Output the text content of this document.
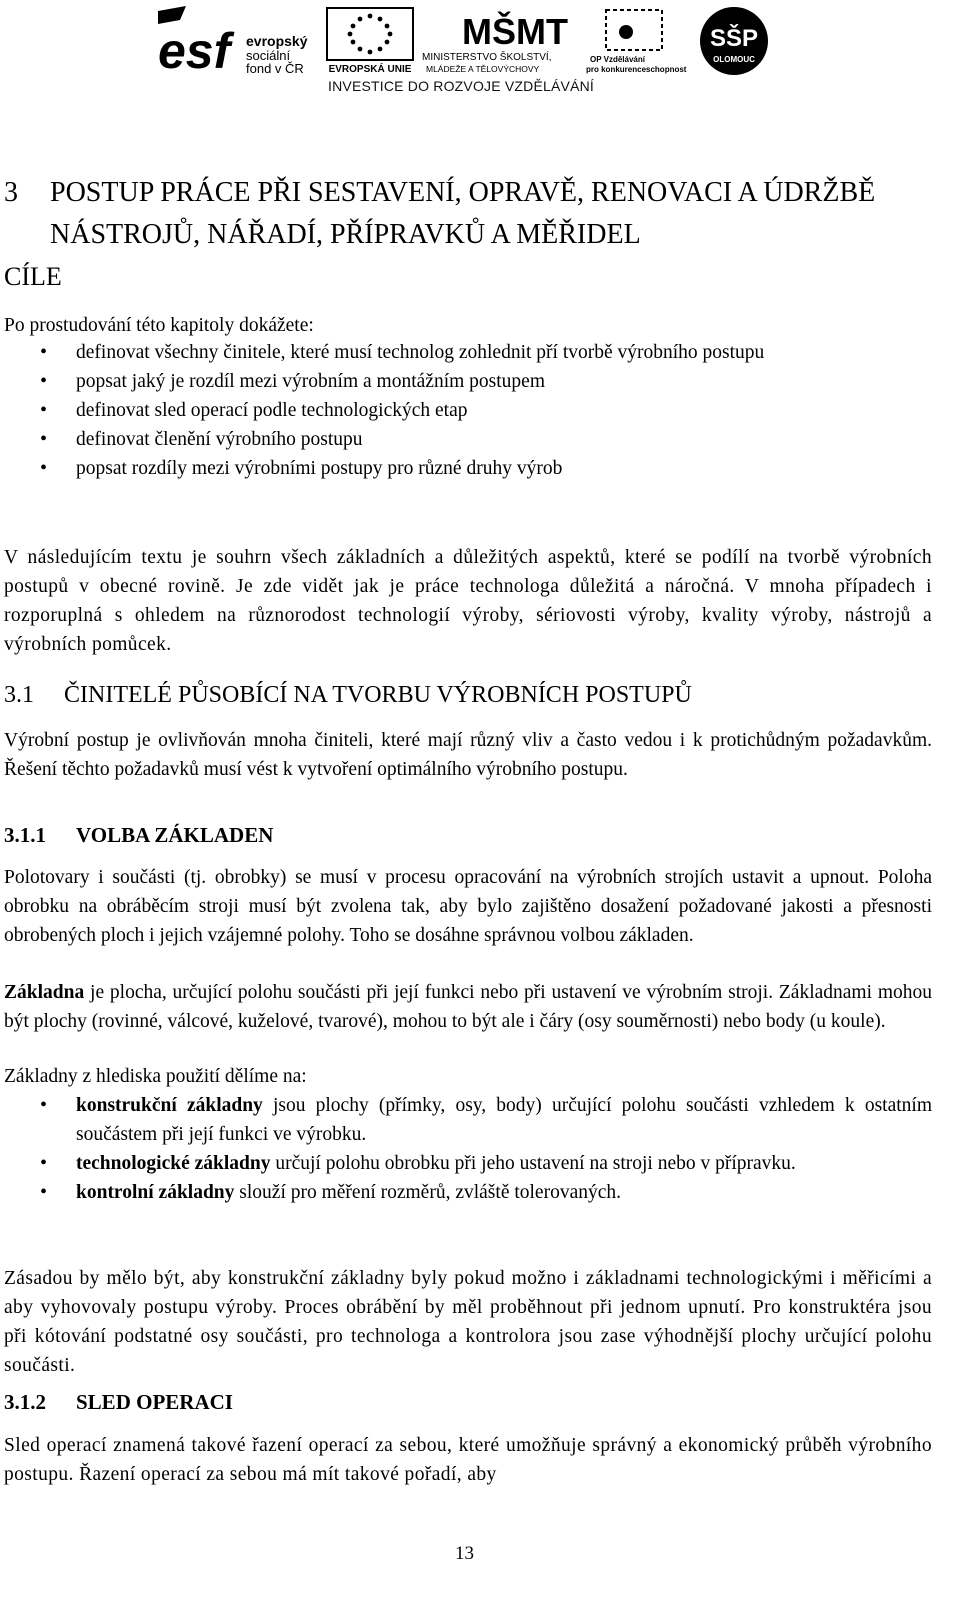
esf	evropský
sociální
fond v ČR EVROPSKÁ UNIE
MŠMT
MINISTERSTVO ŠKOLSTVÍ,
MLÁDEŽE A TĚLOVÝCHOVY
OP Vzdělávání
pro konkurenceschopnost
SŠP
OLOMOUC
INVESTICE DO ROZVOJE VZDĚLÁVÁNÍ
3 POSTUP PRÁCE PŘI SESTAVENÍ, OPRAVĚ, RENOVACI A ÚDRŽBĚ NÁSTROJŮ, NÁŘADÍ, PŘÍPRAVKŮ A MĚŘIDEL
CÍLE
Po prostudování této kapitoly dokážete:
• definovat všechny činitele, které musí technolog zohlednit pří tvorbě výrobního postupu
• popsat jaký je rozdíl mezi výrobním a montážním postupem
• definovat sled operací podle technologických etap
• definovat členění výrobního postupu
• popsat rozdíly mezi výrobními postupy pro různé druhy výrob
V následujícím textu je souhrn všech základních a důležitých aspektů, které se podílí na tvorbě výrobních postupů v obecné rovině. Je zde vidět jak je práce technologa důležitá a náročná. V mnoha případech i rozporuplná s ohledem na různorodost technologií výroby, sériovosti výroby, kvality výroby, nástrojů a výrobních pomůcek.
3.1 ČINITELÉ PŮSOBÍCÍ NA TVORBU VÝROBNÍCH POSTUPŮ
Výrobní postup je ovlivňován mnoha činiteli, které mají různý vliv a často vedou i k protichůdným požadavkům. Řešení těchto požadavků musí vést k vytvoření optimálního výrobního postupu.
3.1.1 VOLBA ZÁKLADEN
Polotovary i součásti (tj. obrobky) se musí v procesu opracování na výrobních strojích ustavit a upnout. Poloha obrobku na obráběcím stroji musí být zvolena tak, aby bylo zajištěno dosažení požadované jakosti a přesnosti obrobených ploch i jejich vzájemné polohy. Toho se dosáhne správnou volbou základen.
Základna je plocha, určující polohu součásti při její funkci nebo při ustavení ve výrobním stroji. Základnami mohou být plochy (rovinné, válcové, kuželové, tvarové), mohou to být ale i čáry (osy souměrnosti) nebo body (u koule).
Základny z hlediska použití dělíme na:
• konstrukční základny jsou plochy (přímky, osy, body) určující polohu součásti vzhledem k ostatním součástem při její funkci ve výrobku.
• technologické základny určují polohu obrobku při jeho ustavení na stroji nebo v přípravku.
• kontrolní základny slouží pro měření rozměrů, zvláště tolerovaných.
Zásadou by mělo být, aby konstrukční základny byly pokud možno i základnami technologickými i měřicími a aby vyhovovaly postupu výroby. Proces obrábění by měl proběhnout při jednom upnutí. Pro konstruktéra jsou při kótování podstatné osy součásti, pro technologa a kontrolora jsou zase výhodnější plochy určující polohu součásti.
3.1.2 SLED OPERACI
Sled operací znamená takové řazení operací za sebou, které umožňuje správný a ekonomický průběh výrobního postupu. Řazení operací za sebou má mít takové pořadí, aby
13
